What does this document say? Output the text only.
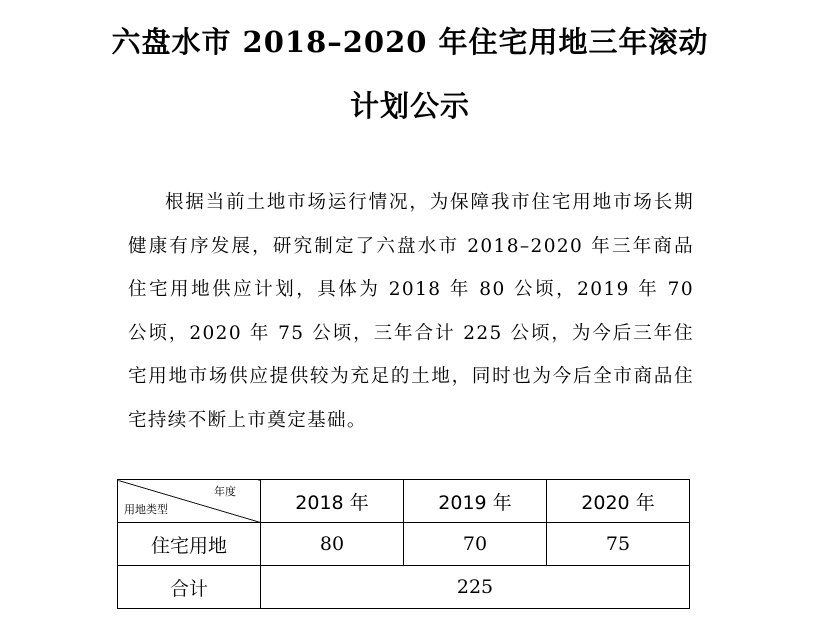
六盘水市 2018–2020 年住宅用地三年滚动
计划公示

根据当前土地市场运行情况，为保障我市住宅用地市场长期健康有序发展，研究制定了六盘水市 2018–2020 年三年商品住宅用地供应计划，具体为 2018 年 80 公顷，2019 年 70 公顷，2020 年 75 公顷，三年合计 225 公顷，为今后三年住宅用地市场供应提供较为充足的土地，同时也为今后全市商品住宅持续不断上市奠定基础。

年度
用地类型	2018 年	2019 年	2020 年
住宅用地	80	70	75
合计	225		
